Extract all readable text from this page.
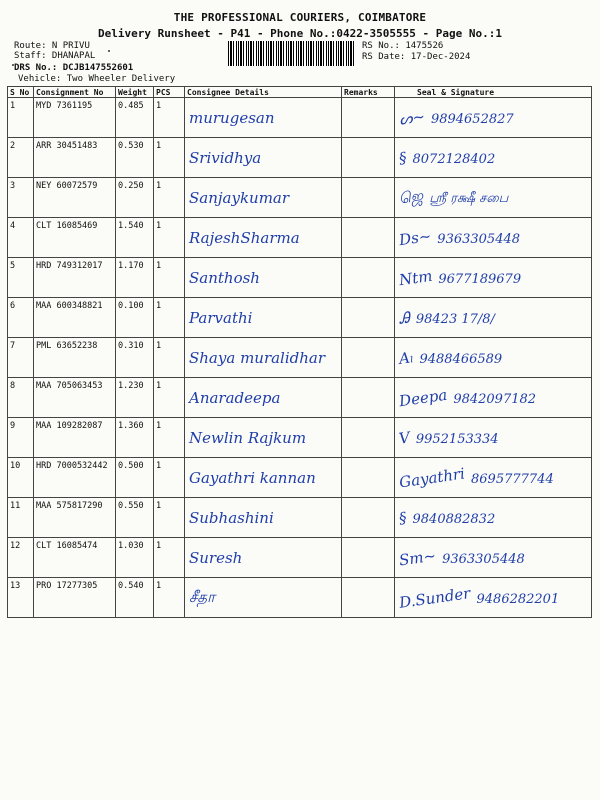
THE PROFESSIONAL COURIERS, COIMBATORE
Delivery Runsheet - P41 - Phone No.:0422-3505555 - Page No.:1
Route: N PRIVU
Staff: DHANAPAL
DRS No.: DCJB147552601
Vehicle: Two Wheeler Delivery
RS No.: 1475526
RS Date: 17-Dec-2024
S No	Consignment No	Weight	PCS	Consignee Details	Remarks	Seal & Signature
1	MYD 7361195	0.485	1	murugesan		ᔕ~ 9894652827
2	ARR 30451483	0.530	1	Srividhya		§ 8072128402
3	NEY 60072579	0.250	1	Sanjaykumar		ஜெ ஸ்ரீ ரக்ஷீ சபை
4	CLT 16085469	1.540	1	RajeshSharma		Ds~ 9363305448
5	HRD 749312017	1.170	1	Santhosh		Ntm 9677189679
6	MAA 600348821	0.100	1	Parvathi		Ꭿ 98423 17/8/
7	PML 63652238	0.310	1	Shaya muralidhar		Aₗ 9488466589
8	MAA 705063453	1.230	1	Anaradeepa		Deepa 9842097182
9	MAA 109282087	1.360	1	Newlin Rajkum		V 9952153334
10	HRD 7000532442	0.500	1	Gayathri kannan		Gayathri 8695777744
11	MAA 575817290	0.550	1	Subhashini		§ 9840882832
12	CLT 16085474	1.030	1	Suresh		Sm~ 9363305448
13	PRO 17277305	0.540	1	சீதா		D.Sunder 9486282201
